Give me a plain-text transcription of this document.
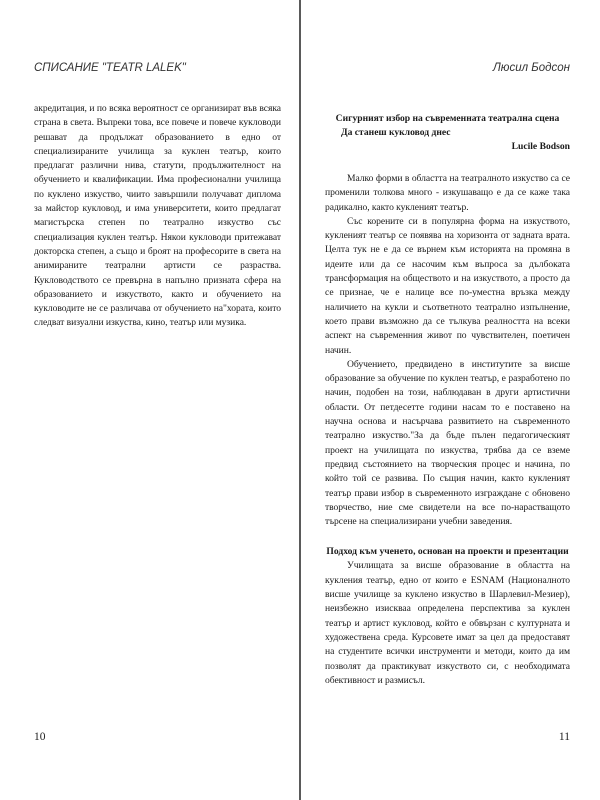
СПИСАНИЕ "TEATR LALEK"

акредитация, и по всяка вероятност се организират във всяка страна в света. Въпреки това, все повече и повече кукловоди решават да продължат образованието в едно от специализираните училища за куклен театър, които предлагат различни нива, статути, продължителност на обучението и квалификации. Има професионални училища по кукленo изкуство, чиито завършили получават диплома за майстор кукловод, и има университети, които предлагат магистърска степен по театрално изкуство със специализация куклен театър. Някои кукловоди притежават докторска степен, а също и броят на професорите в света на анимираните театрални артисти се разраства. Кукловодството се превърна в напълно призната сфера на образованието и изкуството, както и обучението на кукловодите не се различава от обучението на"хората, които следват визуални изкуства, кино, театър или музика.

10
Люсил Бодсон
Сигурният избор на съвременната театрална сцена
Да станеш кукловод днес
Lucile Bodson

Малко форми в областта на театралното изкуство са се променили толкова много - изкушаващо е да се каже така радикално, както кукленият театър.

Със корените си в популярна форма на изкуството, кукленият театър се появява на хоризонта от задната врата. Целта тук не е да се върнем към историята на промяна в идеите или да се насочим към въпроса за дълбоката трансформация на обществото и на изкуството, а просто да се признае, че е налице все по-уместна връзка между наличието на кукли и съответното театрално изпълнение, което прави възможно да се тълкува реалността на всеки аспект на съвременния живот по чувствителен, поетичен начин.

Обучението, предвидено в институтите за висше образование за обучение по куклен театър, е разработено по начин, подобен на този, наблюдаван в други артистични области. От петдесетте години насам то е поставено на научна основа и насърчава развитието на съвременното театрално изкуство."За да бъде пълен педагогическият проект на училищата по изкуства, трябва да се вземе предвид състоянието на творческия процес и начина, по който той се развива. По същия начин, както кукленият театър прави избор в съвременното изграждане с обновено творчество, ние сме свидетели на все по-нарастващото търсене на специализирани учебни заведения.

Подход към ученето, основан на проекти и презентации

Училищата за висше образование в областта на кукления театър, едно от които е ESNAM (Националното висше училище за куклено изкуство в Шарлевил-Мезиер), неизбежно изискваа определена перспектива за куклен театър и артист кукловод, който е обвързан с културната и художествена среда. Курсовете имат за цел да предоставят на студентите всички инструменти и методи, които да им позволят да практикуват изкуството си, с необходимата обективност и размисъл.

11
